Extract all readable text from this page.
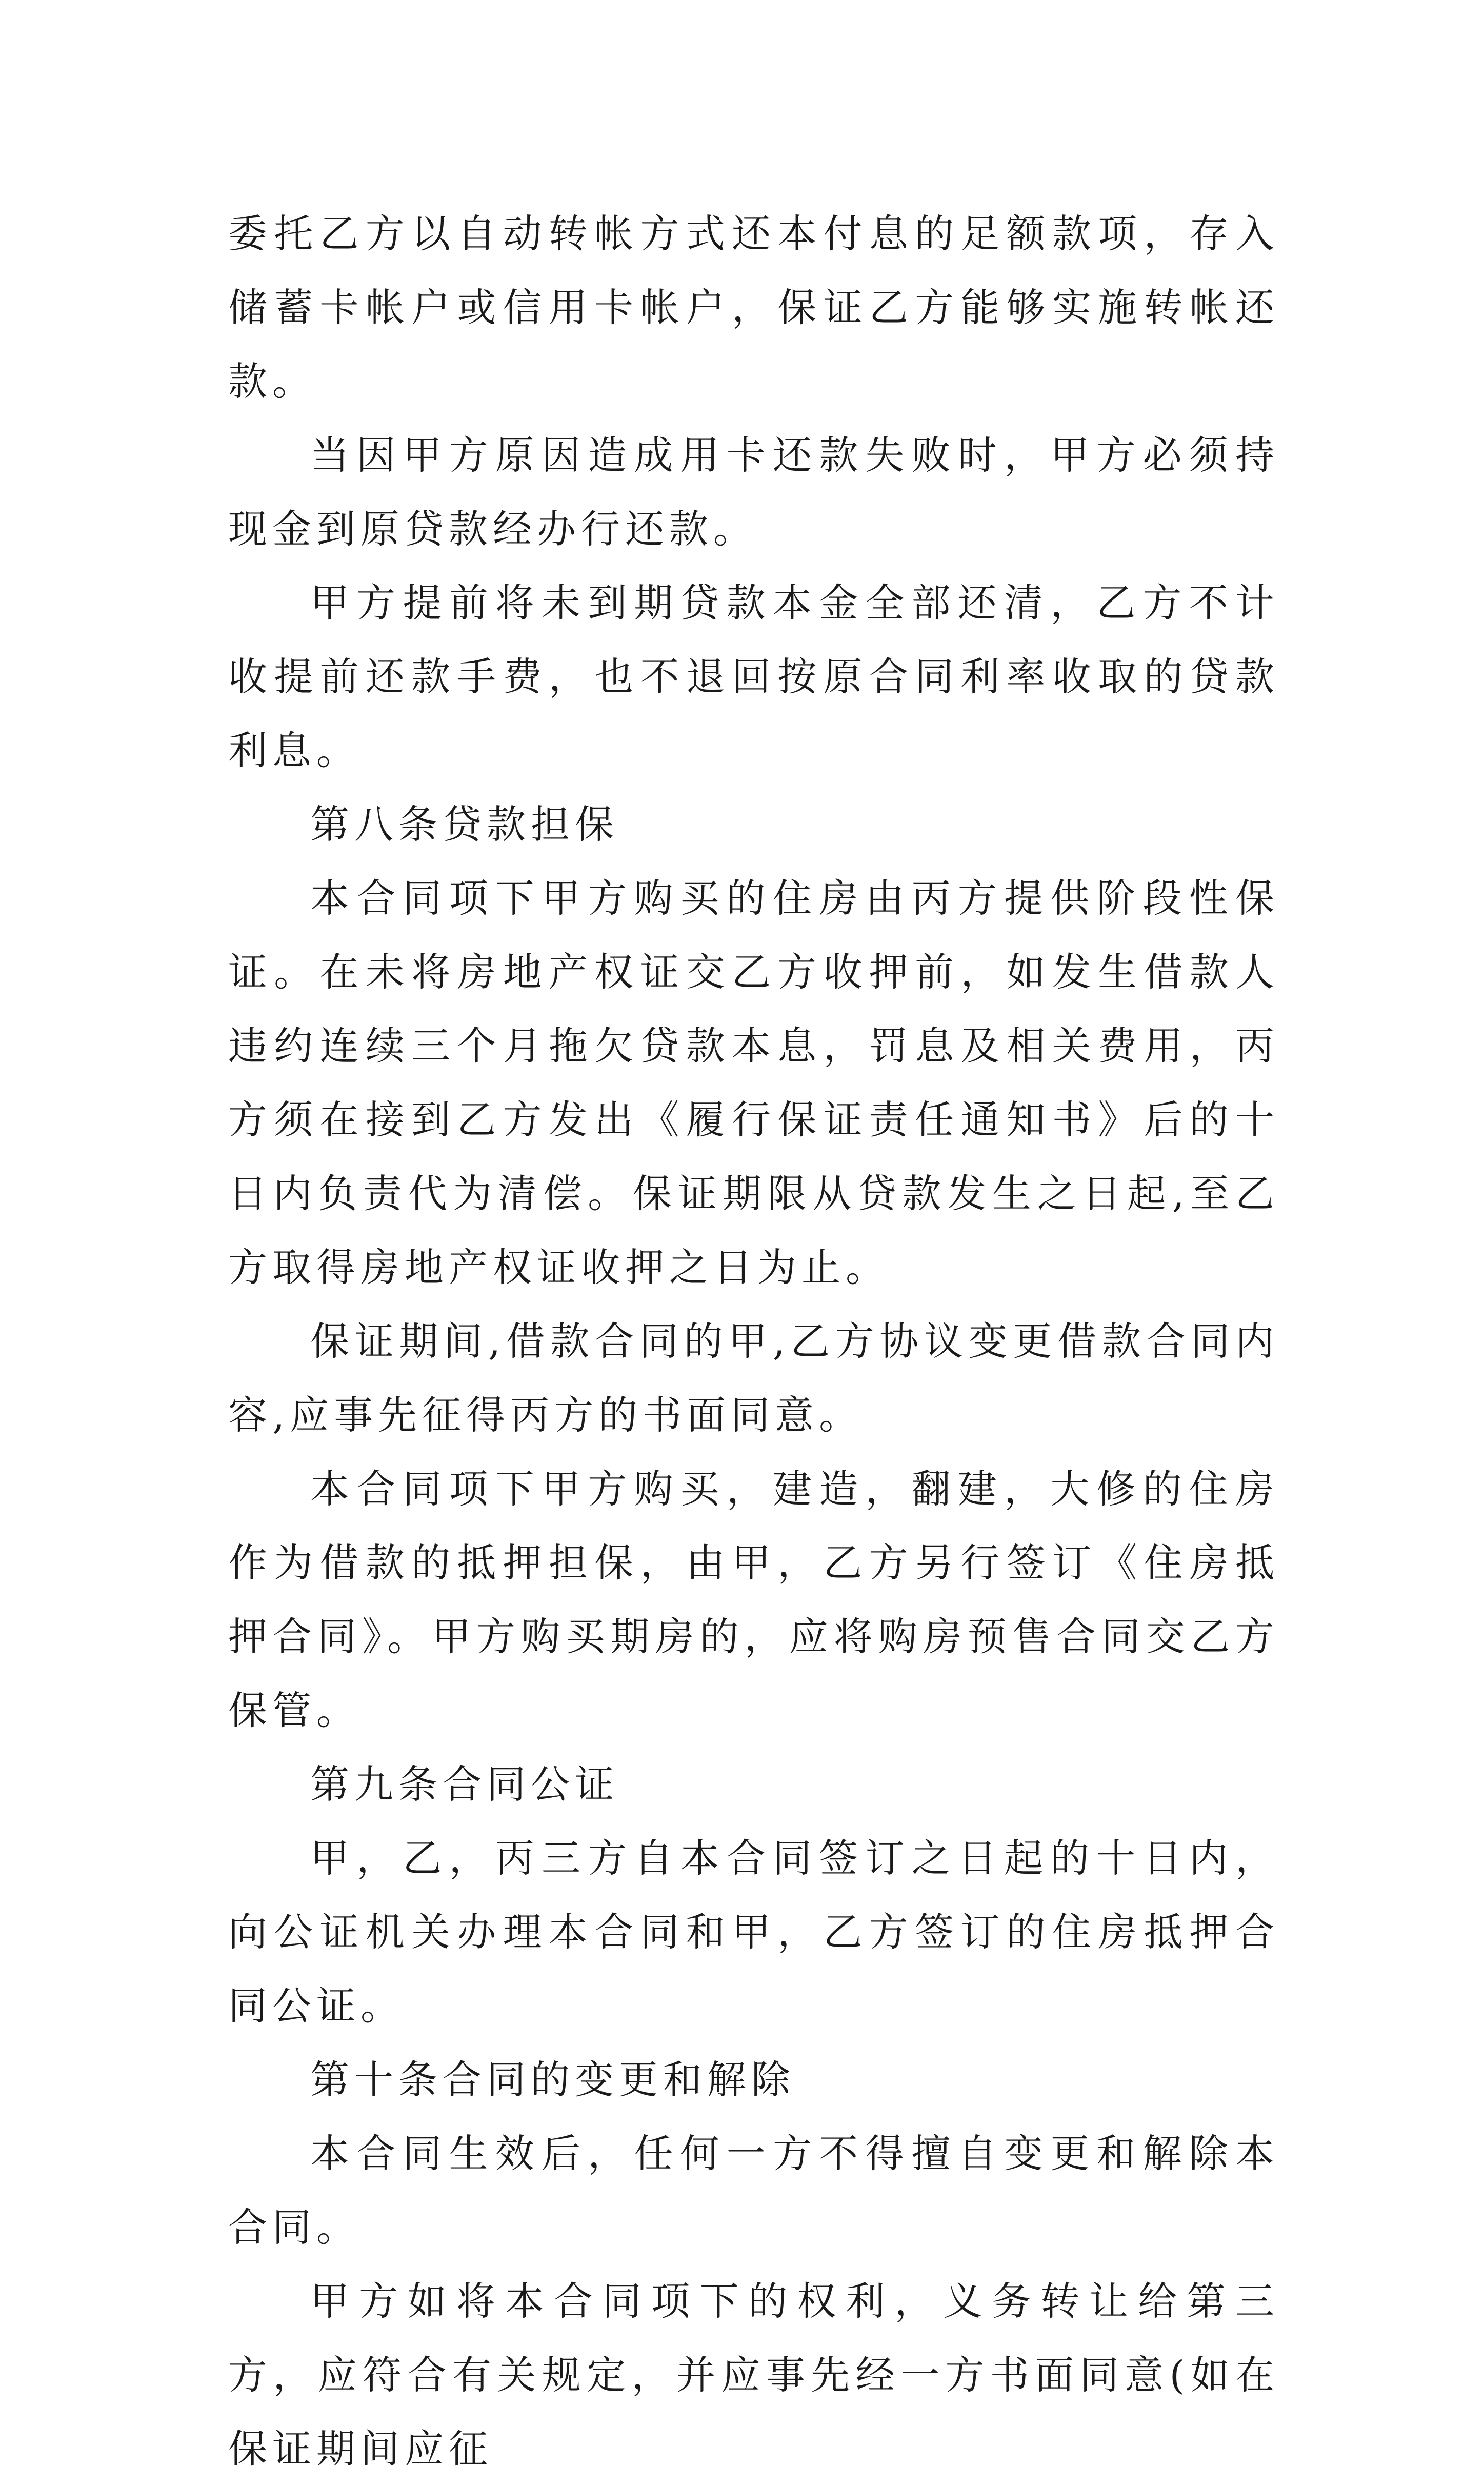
委托乙方以自动转帐方式还本付息的足额款项，存入储蓄卡帐户或信用卡帐户，保证乙方能够实施转帐还款。

当因甲方原因造成用卡还款失败时，甲方必须持现金到原贷款经办行还款。

甲方提前将未到期贷款本金全部还清，乙方不计收提前还款手费，也不退回按原合同利率收取的贷款利息。

第八条贷款担保

本合同项下甲方购买的住房由丙方提供阶段性保证。在未将房地产权证交乙方收押前，如发生借款人违约连续三个月拖欠贷款本息，罚息及相关费用，丙方须在接到乙方发出《履行保证责任通知书》后的十日内负责代为清偿。保证期限从贷款发生之日起,至乙方取得房地产权证收押之日为止。

保证期间,借款合同的甲,乙方协议变更借款合同内容,应事先征得丙方的书面同意。

本合同项下甲方购买，建造，翻建，大修的住房作为借款的抵押担保，由甲，乙方另行签订《住房抵押合同》。甲方购买期房的，应将购房预售合同交乙方保管。

第九条合同公证

甲，乙，丙三方自本合同签订之日起的十日内，向公证机关办理本合同和甲，乙方签订的住房抵押合同公证。

第十条合同的变更和解除

本合同生效后，任何一方不得擅自变更和解除本合同。

甲方如将本合同项下的权利，义务转让给第三方，应符合有关规定，并应事先经一方书面同意(如在保证期间应征
